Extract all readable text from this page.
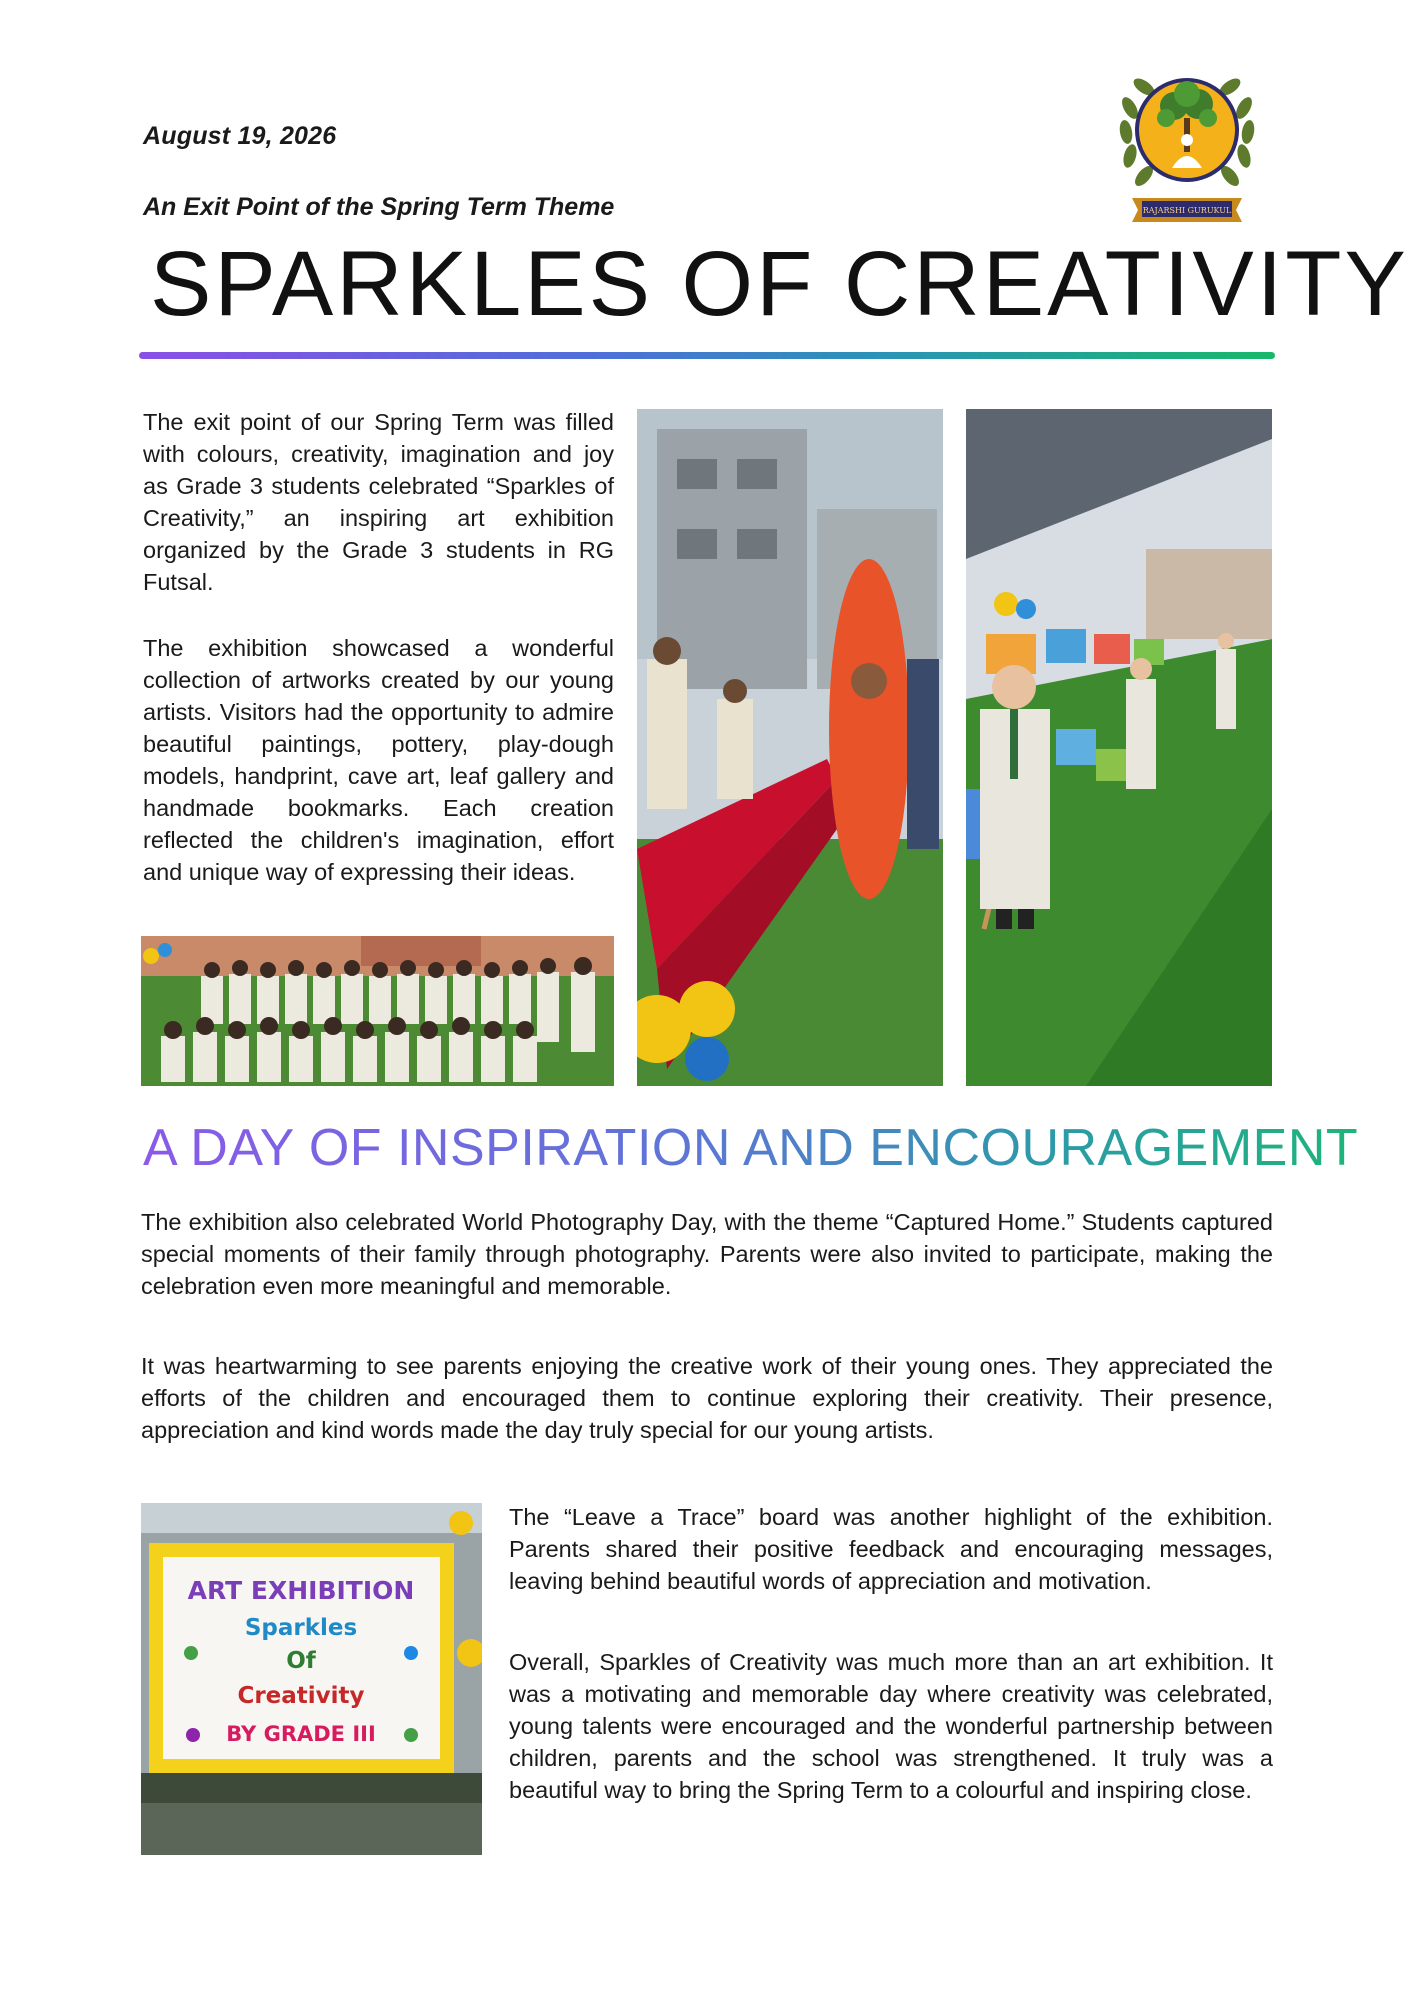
August 19, 2026
An Exit Point of the Spring Term Theme
SPARKLES OF CREATIVITY
RAJARSHI GURUKUL

The exit point of our Spring Term was filled with colours, creativity, imagination and joy as Grade 3 students celebrated “Sparkles of Creativity,” an inspiring art exhibition organized by the Grade 3 students in RG Futsal.

The exhibition showcased a wonderful collection of artworks created by our young artists. Visitors had the opportunity to admire beautiful paintings, pottery, play-dough models, handprint, cave art, leaf gallery and handmade bookmarks. Each creation reflected the children's imagination, effort and unique way of expressing their ideas.

A DAY OF INSPIRATION AND ENCOURAGEMENT

The exhibition also celebrated World Photography Day, with the theme “Captured Home.” Students captured special moments of their family through photography. Parents were also invited to participate, making the celebration even more meaningful and memorable.

It was heartwarming to see parents enjoying the creative work of their young ones. They appreciated the efforts of the children and encouraged them to continue exploring their creativity. Their presence, appreciation and kind words made the day truly special for our young artists.

ART EXHIBITION
Sparkles
Of
Creativity
BY GRADE III

The “Leave a Trace” board was another highlight of the exhibition. Parents shared their positive feedback and encouraging messages, leaving behind beautiful words of appreciation and motivation.

Overall, Sparkles of Creativity was much more than an art exhibition. It was a motivating and memorable day where creativity was celebrated, young talents were encouraged and the wonderful partnership between children, parents and the school was strengthened. It truly was a beautiful way to bring the Spring Term to a colourful and inspiring close.
